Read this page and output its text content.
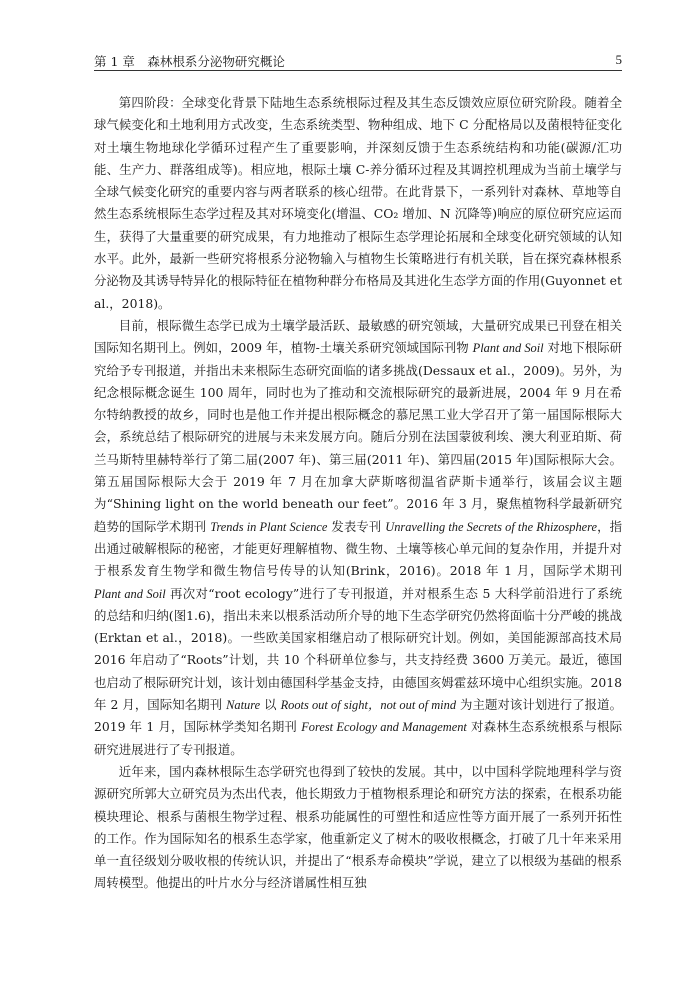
第 1 章　森林根系分泌物研究概论	5

第四阶段：全球变化背景下陆地生态系统根际过程及其生态反馈效应原位研究阶段。随着全球气候变化和土地利用方式改变，生态系统类型、物种组成、地下 C 分配格局以及菌根特征变化对土壤生物地球化学循环过程产生了重要影响，并深刻反馈于生态系统结构和功能(碳源/汇功能、生产力、群落组成等)。相应地，根际土壤 C-养分循环过程及其调控机理成为当前土壤学与全球气候变化研究的重要内容与两者联系的核心纽带。在此背景下，一系列针对森林、草地等自然生态系统根际生态学过程及其对环境变化(增温、CO₂ 增加、N 沉降等)响应的原位研究应运而生，获得了大量重要的研究成果，有力地推动了根际生态学理论拓展和全球变化研究领域的认知水平。此外，最新一些研究将根系分泌物输入与植物生长策略进行有机关联，旨在探究森林根系分泌物及其诱导特异化的根际特征在植物种群分布格局及其进化生态学方面的作用(Guyonnet et al.，2018)。

目前，根际微生态学已成为土壤学最活跃、最敏感的研究领域，大量研究成果已刊登在相关国际知名期刊上。例如，2009 年，植物-土壤关系研究领域国际刊物 Plant and Soil 对地下根际研究给予专刊报道，并指出未来根际生态研究面临的诸多挑战(Dessaux et al.，2009)。另外，为纪念根际概念诞生 100 周年，同时也为了推动和交流根际研究的最新进展，2004 年 9 月在希尔特纳教授的故乡，同时也是他工作并提出根际概念的慕尼黑工业大学召开了第一届国际根际大会，系统总结了根际研究的进展与未来发展方向。随后分别在法国蒙彼利埃、澳大利亚珀斯、荷兰马斯特里赫特举行了第二届(2007 年)、第三届(2011 年)、第四届(2015 年)国际根际大会。第五届国际根际大会于 2019 年 7 月在加拿大萨斯喀彻温省萨斯卡通举行，该届会议主题为“Shining light on the world beneath our feet”。2016 年 3 月，聚焦植物科学最新研究趋势的国际学术期刊 Trends in Plant Science 发表专刊 Unravelling the Secrets of the Rhizosphere，指出通过破解根际的秘密，才能更好理解植物、微生物、土壤等核心单元间的复杂作用，并提升对于根系发育生物学和微生物信号传导的认知(Brink，2016)。2018 年 1 月，国际学术期刊 Plant and Soil 再次对“root ecology”进行了专刊报道，并对根系生态 5 大科学前沿进行了系统的总结和归纳(图1.6)，指出未来以根系活动所介导的地下生态学研究仍然将面临十分严峻的挑战(Erktan et al.，2018)。一些欧美国家相继启动了根际研究计划。例如，美国能源部高技术局 2016 年启动了“Roots”计划，共 10 个科研单位参与，共支持经费 3600 万美元。最近，德国也启动了根际研究计划，该计划由德国科学基金支持，由德国亥姆霍兹环境中心组织实施。2018 年 2 月，国际知名期刊 Nature 以 Roots out of sight，not out of mind 为主题对该计划进行了报道。2019 年 1 月，国际林学类知名期刊 Forest Ecology and Management 对森林生态系统根系与根际研究进展进行了专刊报道。

近年来，国内森林根际生态学研究也得到了较快的发展。其中，以中国科学院地理科学与资源研究所郭大立研究员为杰出代表，他长期致力于植物根系理论和研究方法的探索，在根系功能模块理论、根系与菌根生物学过程、根系功能属性的可塑性和适应性等方面开展了一系列开拓性的工作。作为国际知名的根系生态学家，他重新定义了树木的吸收根概念，打破了几十年来采用单一直径级划分吸收根的传统认识，并提出了“根系寿命模块”学说，建立了以根级为基础的根系周转模型。他提出的叶片水分与经济谱属性相互独
